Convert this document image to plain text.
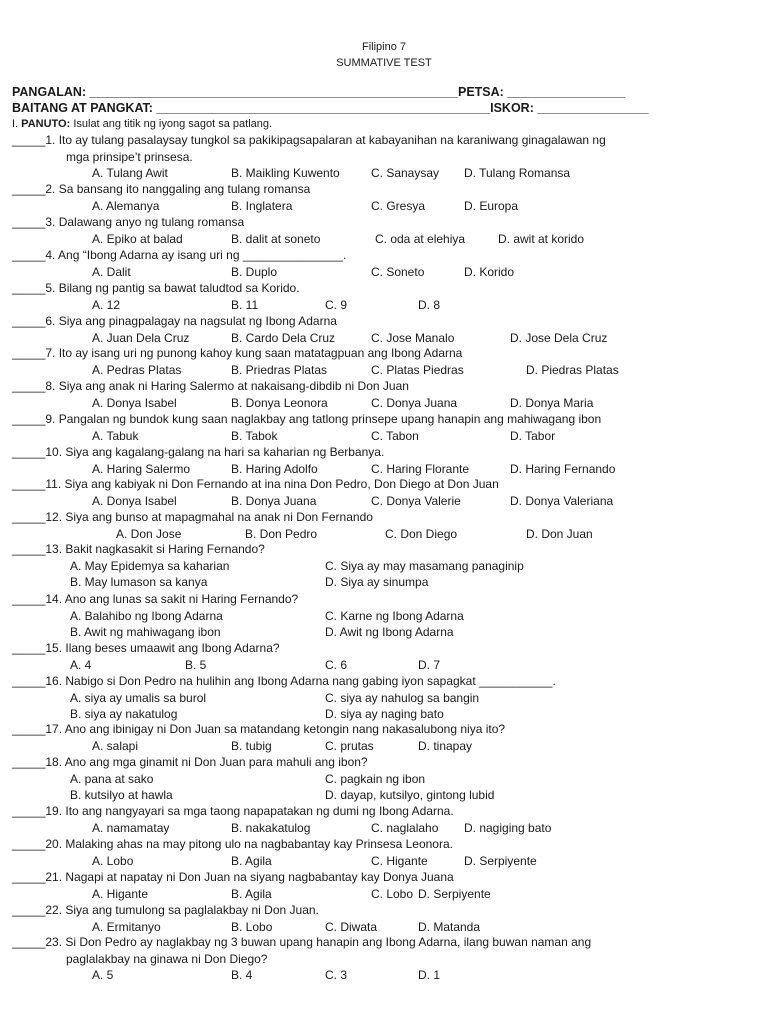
Filipino 7
SUMMATIVE TEST
PANGALAN: _____________________________________________________PETSA: _________________
BAITANG AT PANGKAT: ________________________________________________ISKOR: ________________
I. PANUTO: Isulat ang titik ng iyong sagot sa patlang.
_____1. Ito ay tulang pasalaysay tungkol sa pakikipagsapalaran at kabayanihan na karaniwang ginagalawan ng
mga prinsipe’t prinsesa.
A. Tulang Awit	B. Maikling Kuwento	C. Sanaysay D. Tulang Romansa
_____2. Sa bansang ito nanggaling ang tulang romansa
A. Alemanya	B. Inglatera	C. Gresya	D. Europa
_____3. Dalawang anyo ng tulang romansa
A. Epiko at balad	B. dalit at soneto	C. oda at elehiya	D. awit at korido
_____4. Ang “Ibong Adarna ay isang uri ng _______________.
A. Dalit	B. Duplo	C. Soneto	D. Korido
_____5. Bilang ng pantig sa bawat taludtod sa Korido.
A. 12	B. 11	C. 9	D. 8
_____6. Siya ang pinagpalagay na nagsulat ng Ibong Adarna
A. Juan Dela Cruz	B. Cardo Dela Cruz	C. Jose Manalo	D. Jose Dela Cruz
_____7. Ito ay isang uri ng punong kahoy kung saan matatagpuan ang Ibong Adarna
A. Pedras Platas	B. Priedras Platas	C. Platas Piedras	D. Piedras Platas
_____8. Siya ang anak ni Haring Salermo at nakaisang-dibdib ni Don Juan
A. Donya Isabel	B. Donya Leonora	C. Donya Juana	D. Donya Maria
_____9. Pangalan ng bundok kung saan naglakbay ang tatlong prinsepe upang hanapin ang mahiwagang ibon
A. Tabuk	B. Tabok	C. Tabon	D. Tabor
_____10. Siya ang kagalang-galang na hari sa kaharian ng Berbanya.
A. Haring Salermo	B. Haring Adolfo	C. Haring Florante	D. Haring Fernando
_____11. Siya ang kabiyak ni Don Fernando at ina nina Don Pedro, Don Diego at Don Juan
A. Donya Isabel	B. Donya Juana	C. Donya Valerie	D. Donya Valeriana
_____12. Siya ang bunso at mapagmahal na anak ni Don Fernando
A. Don Jose	B. Don Pedro	C. Don Diego	D. Don Juan
_____13. Bakit nagkasakit si Haring Fernando?
A. May Epidemya sa kaharian	C. Siya ay may masamang panaginip
B. May lumason sa kanya	D. Siya ay sinumpa
_____14. Ano ang lunas sa sakit ni Haring Fernando?
A. Balahibo ng Ibong Adarna	C. Karne ng Ibong Adarna
B. Awit ng mahiwagang ibon	D. Awit ng Ibong Adarna
_____15. Ilang beses umaawit ang Ibong Adarna?
A. 4	B. 5	C. 6	D. 7
_____16. Nabigo si Don Pedro na hulihin ang Ibong Adarna nang gabing iyon sapagkat ___________.
A. siya ay umalis sa burol	C. siya ay nahulog sa bangin
B. siya ay nakatulog	D. siya ay naging bato
_____17. Ano ang ibinigay ni Don Juan sa matandang ketongin nang nakasalubong niya ito?
A. salapi	B. tubig	C. prutas	D. tinapay
_____18. Ano ang mga ginamit ni Don Juan para mahuli ang ibon?
A. pana at sako	C. pagkain ng ibon
B. kutsilyo at hawla	D. dayap, kutsilyo, gintong lubid
_____19. Ito ang nangyayari sa mga taong napapatakan ng dumi ng Ibong Adarna.
A. namamatay	B. nakakatulog	C. naglalaho D. nagiging bato
_____20. Malaking ahas na may pitong ulo na nagbabantay kay Prinsesa Leonora.
A. Lobo	B. Agila	C. Higante	D. Serpiyente
_____21. Nagapi at napatay ni Don Juan na siyang nagbabantay kay Donya Juana
A. Higante	B. Agila	C. Lobo D. Serpiyente
_____22. Siya ang tumulong sa paglalakbay ni Don Juan.
A. Ermitanyo	B. Lobo	C. Diwata	D. Matanda
_____23. Si Don Pedro ay naglakbay ng 3 buwan upang hanapin ang Ibong Adarna, ilang buwan naman ang
paglalakbay na ginawa ni Don Diego?
A. 5	B. 4	C. 3	D. 1
